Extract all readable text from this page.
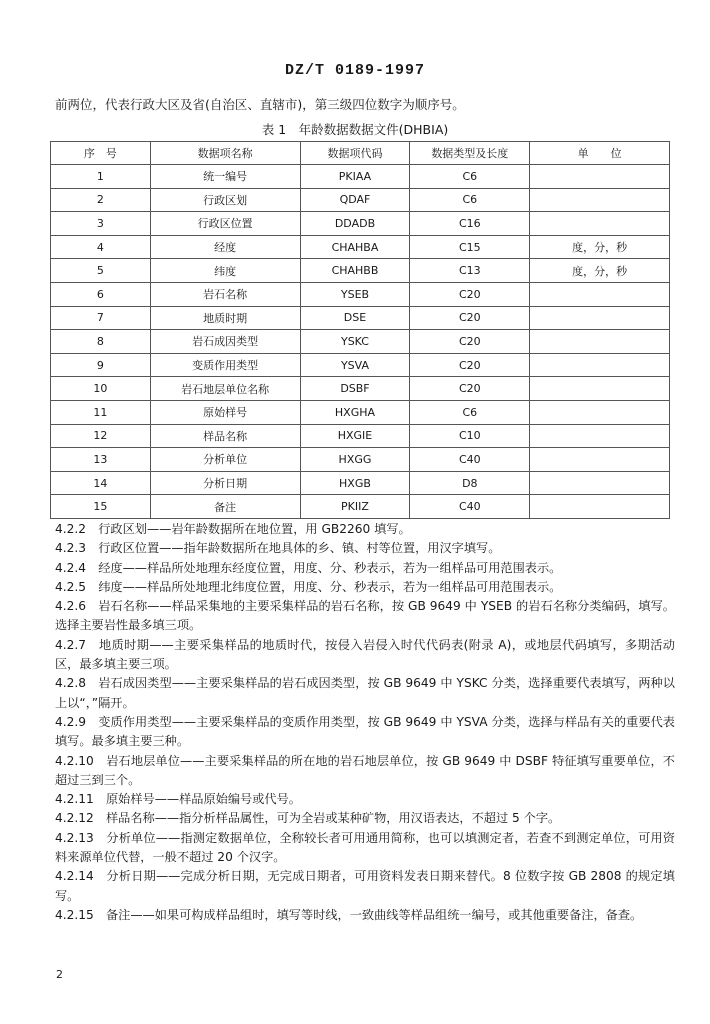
DZ/T 0189-1997
前两位，代表行政大区及省(自治区、直辖市)，第三级四位数字为顺序号。
表 1　年龄数据数据文件(DHBIA)
序　号	数据项名称	数据项代码	数据类型及长度	单　　位
1	统一编号	PKIAA	C6	
2	行政区划	QDAF	C6	
3	行政区位置	DDADB	C16	
4	经度	CHAHBA	C15	度，分，秒
5	纬度	CHAHBB	C13	度，分，秒
6	岩石名称	YSEB	C20	
7	地质时期	DSE	C20	
8	岩石成因类型	YSKC	C20	
9	变质作用类型	YSVA	C20	
10	岩石地层单位名称	DSBF	C20	
11	原始样号	HXGHA	C6	
12	样品名称	HXGIE	C10	
13	分析单位	HXGG	C40	
14	分析日期	HXGB	D8	
15	备注	PKIIZ	C40	

4.2.2　行政区划——岩年龄数据所在地位置，用 GB2260 填写。

4.2.3　行政区位置——指年龄数据所在地具体的乡、镇、村等位置，用汉字填写。

4.2.4　经度——样品所处地理东经度位置，用度、分、秒表示，若为一组样品可用范围表示。

4.2.5　纬度——样品所处地理北纬度位置，用度、分、秒表示，若为一组样品可用范围表示。

4.2.6　岩石名称——样品采集地的主要采集样品的岩石名称，按 GB 9649 中 YSEB 的岩石名称分类编码，填写。选择主要岩性最多填三项。

4.2.7　地质时期——主要采集样品的地质时代，按侵入岩侵入时代代码表(附录 A)，或地层代码填写，多期活动区，最多填主要三项。

4.2.8　岩石成因类型——主要采集样品的岩石成因类型，按 GB 9649 中 YSKC 分类，选择重要代表填写，两种以上以“，”隔开。

4.2.9　变质作用类型——主要采集样品的变质作用类型，按 GB 9649 中 YSVA 分类，选择与样品有关的重要代表填写。最多填主要三种。

4.2.10　岩石地层单位——主要采集样品的所在地的岩石地层单位，按 GB 9649 中 DSBF 特征填写重要单位，不超过三到三个。

4.2.11　原始样号——样品原始编号或代号。

4.2.12　样品名称——指分析样品属性，可为全岩或某种矿物，用汉语表达，不超过 5 个字。

4.2.13　分析单位——指测定数据单位，全称较长者可用通用简称，也可以填测定者，若查不到测定单位，可用资料来源单位代替，一般不超过 20 个汉字。

4.2.14　分析日期——完成分析日期，无完成日期者，可用资料发表日期来替代。8 位数字按 GB 2808 的规定填写。

4.2.15　备注——如果可构成样品组时，填写等时线，一致曲线等样品组统一编号，或其他重要备注，备查。

2
